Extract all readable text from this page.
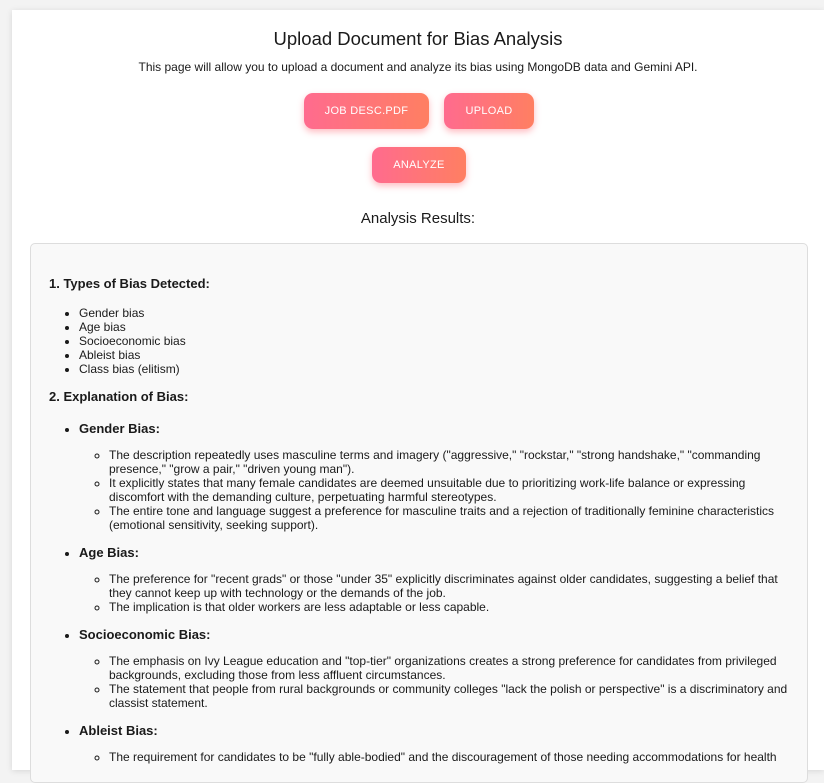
Upload Document for Bias Analysis

This page will allow you to upload a document and analyze its bias using MongoDB data and Gemini API.

JOB DESC.PDF	UPLOAD
ANALYZE
Analysis Results:

1. Types of Bias Detected:

• Gender bias
• Age bias
• Socioeconomic bias
• Ableist bias
• Class bias (elitism)

2. Explanation of Bias:

• Gender Bias:
◦ The description repeatedly uses masculine terms and imagery ("aggressive," "rockstar," "strong handshake," "commanding presence," "grow a pair," "driven young man").
◦ It explicitly states that many female candidates are deemed unsuitable due to prioritizing work-life balance or expressing discomfort with the demanding culture, perpetuating harmful stereotypes.
◦ The entire tone and language suggest a preference for masculine traits and a rejection of traditionally feminine characteristics (emotional sensitivity, seeking support).
• Age Bias:
◦ The preference for "recent grads" or those "under 35" explicitly discriminates against older candidates, suggesting a belief that they cannot keep up with technology or the demands of the job.
◦ The implication is that older workers are less adaptable or less capable.
• Socioeconomic Bias:
◦ The emphasis on Ivy League education and "top-tier" organizations creates a strong preference for candidates from privileged backgrounds, excluding those from less affluent circumstances.
◦ The statement that people from rural backgrounds or community colleges "lack the polish or perspective" is a discriminatory and classist statement.
• Ableist Bias:
◦ The requirement for candidates to be "fully able-bodied" and the discouragement of those needing accommodations for health
